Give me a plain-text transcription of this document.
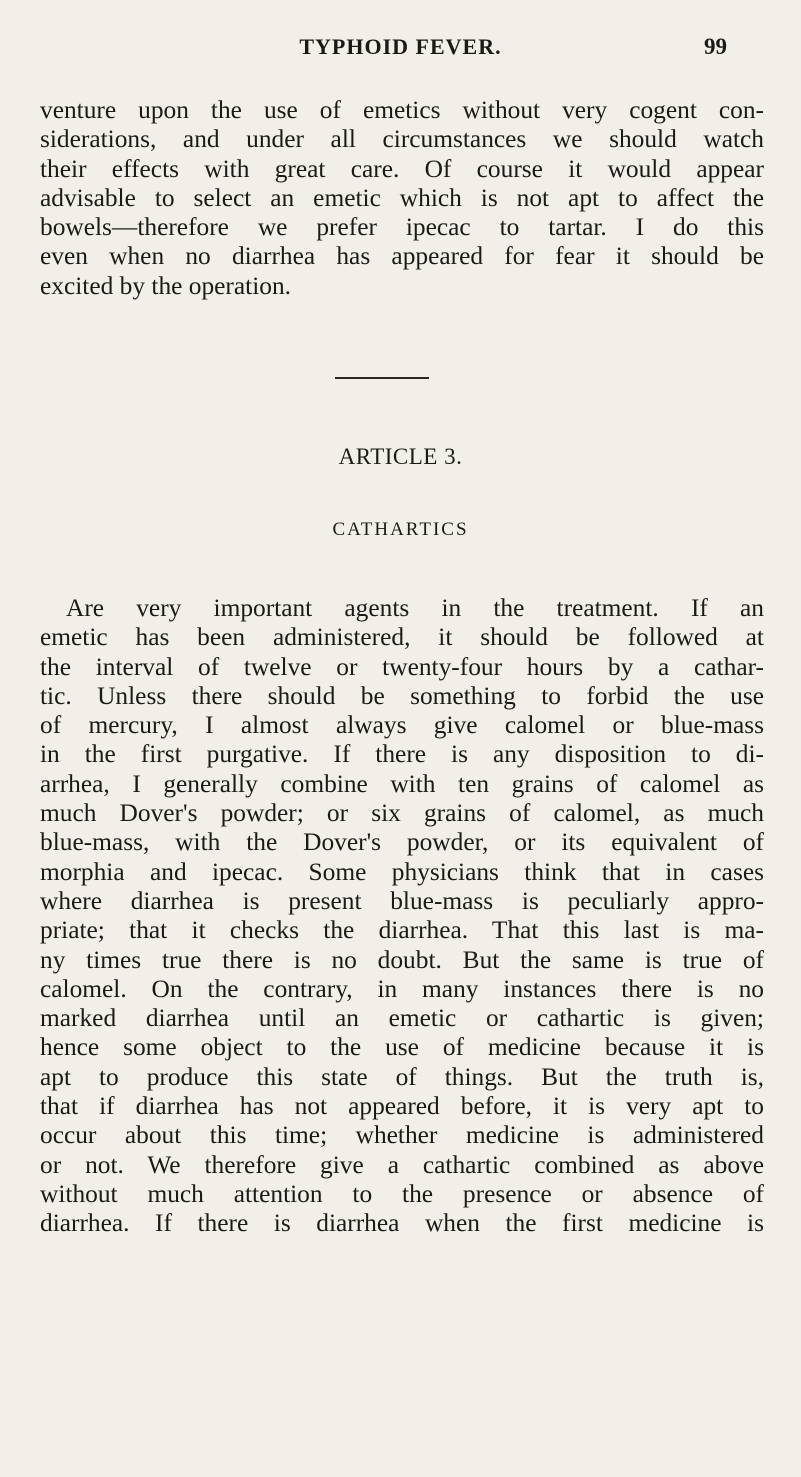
TYPHOID FEVER.	99
venture upon the use of emetics without very cogent con-
siderations, and under all circumstances we should watch
their effects with great care. Of course it would appear
advisable to select an emetic which is not apt to affect the
bowels—therefore we prefer ipecac to tartar. I do this
even when no diarrhea has appeared for fear it should be
excited by the operation.
ARTICLE 3.
CATHARTICS
Are very important agents in the treatment. If an
emetic has been administered, it should be followed at
the interval of twelve or twenty-four hours by a cathar-
tic. Unless there should be something to forbid the use
of mercury, I almost always give calomel or blue-mass
in the first purgative. If there is any disposition to di-
arrhea, I generally combine with ten grains of calomel as
much Dover's powder; or six grains of calomel, as much
blue-mass, with the Dover's powder, or its equivalent of
morphia and ipecac. Some physicians think that in cases
where diarrhea is present blue-mass is peculiarly appro-
priate; that it checks the diarrhea. That this last is ma-
ny times true there is no doubt. But the same is true of
calomel. On the contrary, in many instances there is no
marked diarrhea until an emetic or cathartic is given;
hence some object to the use of medicine because it is
apt to produce this state of things. But the truth is,
that if diarrhea has not appeared before, it is very apt to
occur about this time; whether medicine is administered
or not. We therefore give a cathartic combined as above
without much attention to the presence or absence of
diarrhea. If there is diarrhea when the first medicine is
